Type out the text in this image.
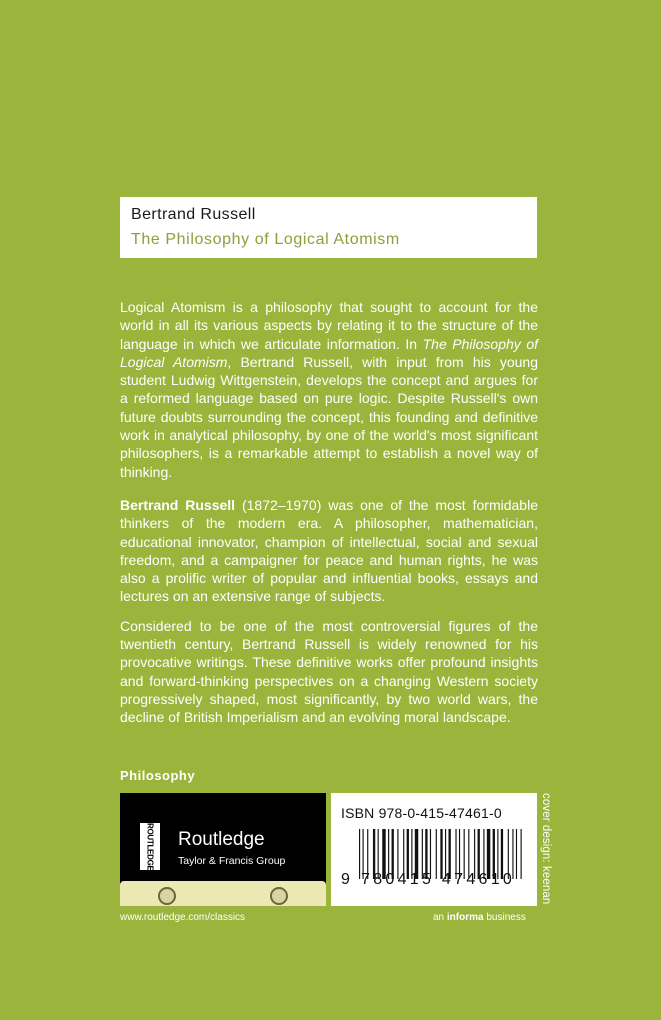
Bertrand Russell
The Philosophy of Logical Atomism

Logical Atomism is a philosophy that sought to account for the world in all its various aspects by relating it to the structure of the language in which we articulate information. In The Philosophy of Logical Atomism, Bertrand Russell, with input from his young student Ludwig Wittgenstein, develops the concept and argues for a reformed language based on pure logic. Despite Russell's own future doubts surrounding the concept, this founding and definitive work in analytical philosophy, by one of the world's most significant philosophers, is a remarkable attempt to establish a novel way of thinking.

Bertrand Russell (1872–1970) was one of the most formidable thinkers of the modern era. A philosopher, mathematician, educational innovator, champion of intellectual, social and sexual freedom, and a campaigner for peace and human rights, he was also a prolific writer of popular and influential books, essays and lectures on an extensive range of subjects.

Considered to be one of the most controversial figures of the twentieth century, Bertrand Russell is widely renowned for his provocative writings. These definitive works offer profound insights and forward-thinking perspectives on a changing Western society progressively shaped, most significantly, by two world wars, the decline of British Imperialism and an evolving moral landscape.

Philosophy
ROUTLEDGE Routledge
Taylor & Francis Group
ISBN 978-0-415-47461-0
9 780415 474610 cover design: keenan
www.routledge.com/classics	an informa business
